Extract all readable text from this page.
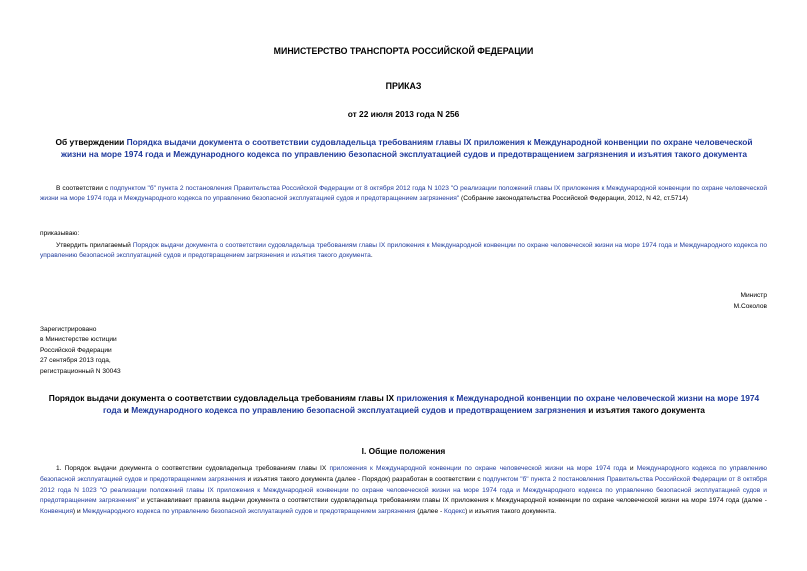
МИНИСТЕРСТВО ТРАНСПОРТА РОССИЙСКОЙ ФЕДЕРАЦИИ
ПРИКАЗ
от 22 июля 2013 года N 256
Об утверждении Порядка выдачи документа о соответствии судовладельца требованиям главы IX приложения к Международной конвенции по охране человеческой жизни на море 1974 года и Международного кодекса по управлению безопасной эксплуатацией судов и предотвращением загрязнения и изъятия такого документа
В соответствии с подпунктом "б" пункта 2 постановления Правительства Российской Федерации от 8 октября 2012 года N 1023 "О реализации положений главы IX приложения к Международной конвенции по охране человеческой жизни на море 1974 года и Международного кодекса по управлению безопасной эксплуатацией судов и предотвращением загрязнения" (Собрание законодательства Российской Федерации, 2012, N 42, ст.5714)
приказываю:
Утвердить прилагаемый Порядок выдачи документа о соответствии судовладельца требованиям главы IX приложения к Международной конвенции по охране человеческой жизни на море 1974 года и Международного кодекса по управлению безопасной эксплуатацией судов и предотвращением загрязнения и изъятия такого документа.
Министр
М.Соколов
Зарегистрировано
в Министерстве юстиции
Российской Федерации
27 сентября 2013 года,
регистрационный N 30043
Порядок выдачи документа о соответствии судовладельца требованиям главы IX приложения к Международной конвенции по охране человеческой жизни на море 1974 года и Международного кодекса по управлению безопасной эксплуатацией судов и предотвращением загрязнения и изъятия такого документа
I. Общие положения
1. Порядок выдачи документа о соответствии судовладельца требованиям главы IX приложения к Международной конвенции по охране человеческой жизни на море 1974 года и Международного кодекса по управлению безопасной эксплуатацией судов и предотвращением загрязнения и изъятия такого документа (далее - Порядок) разработан в соответствии с подпунктом "б" пункта 2 постановления Правительства Российской Федерации от 8 октября 2012 года N 1023 "О реализации положений главы IX приложения к Международной конвенции по охране человеческой жизни на море 1974 года и Международного кодекса по управлению безопасной эксплуатацией судов и предотвращением загрязнения" и устанавливает правила выдачи документа о соответствии судовладельца требованиям главы IX приложения к Международной конвенции по охране человеческой жизни на море 1974 года (далее - Конвенция) и Международного кодекса по управлению безопасной эксплуатацией судов и предотвращением загрязнения (далее - Кодекс) и изъятия такого документа.
